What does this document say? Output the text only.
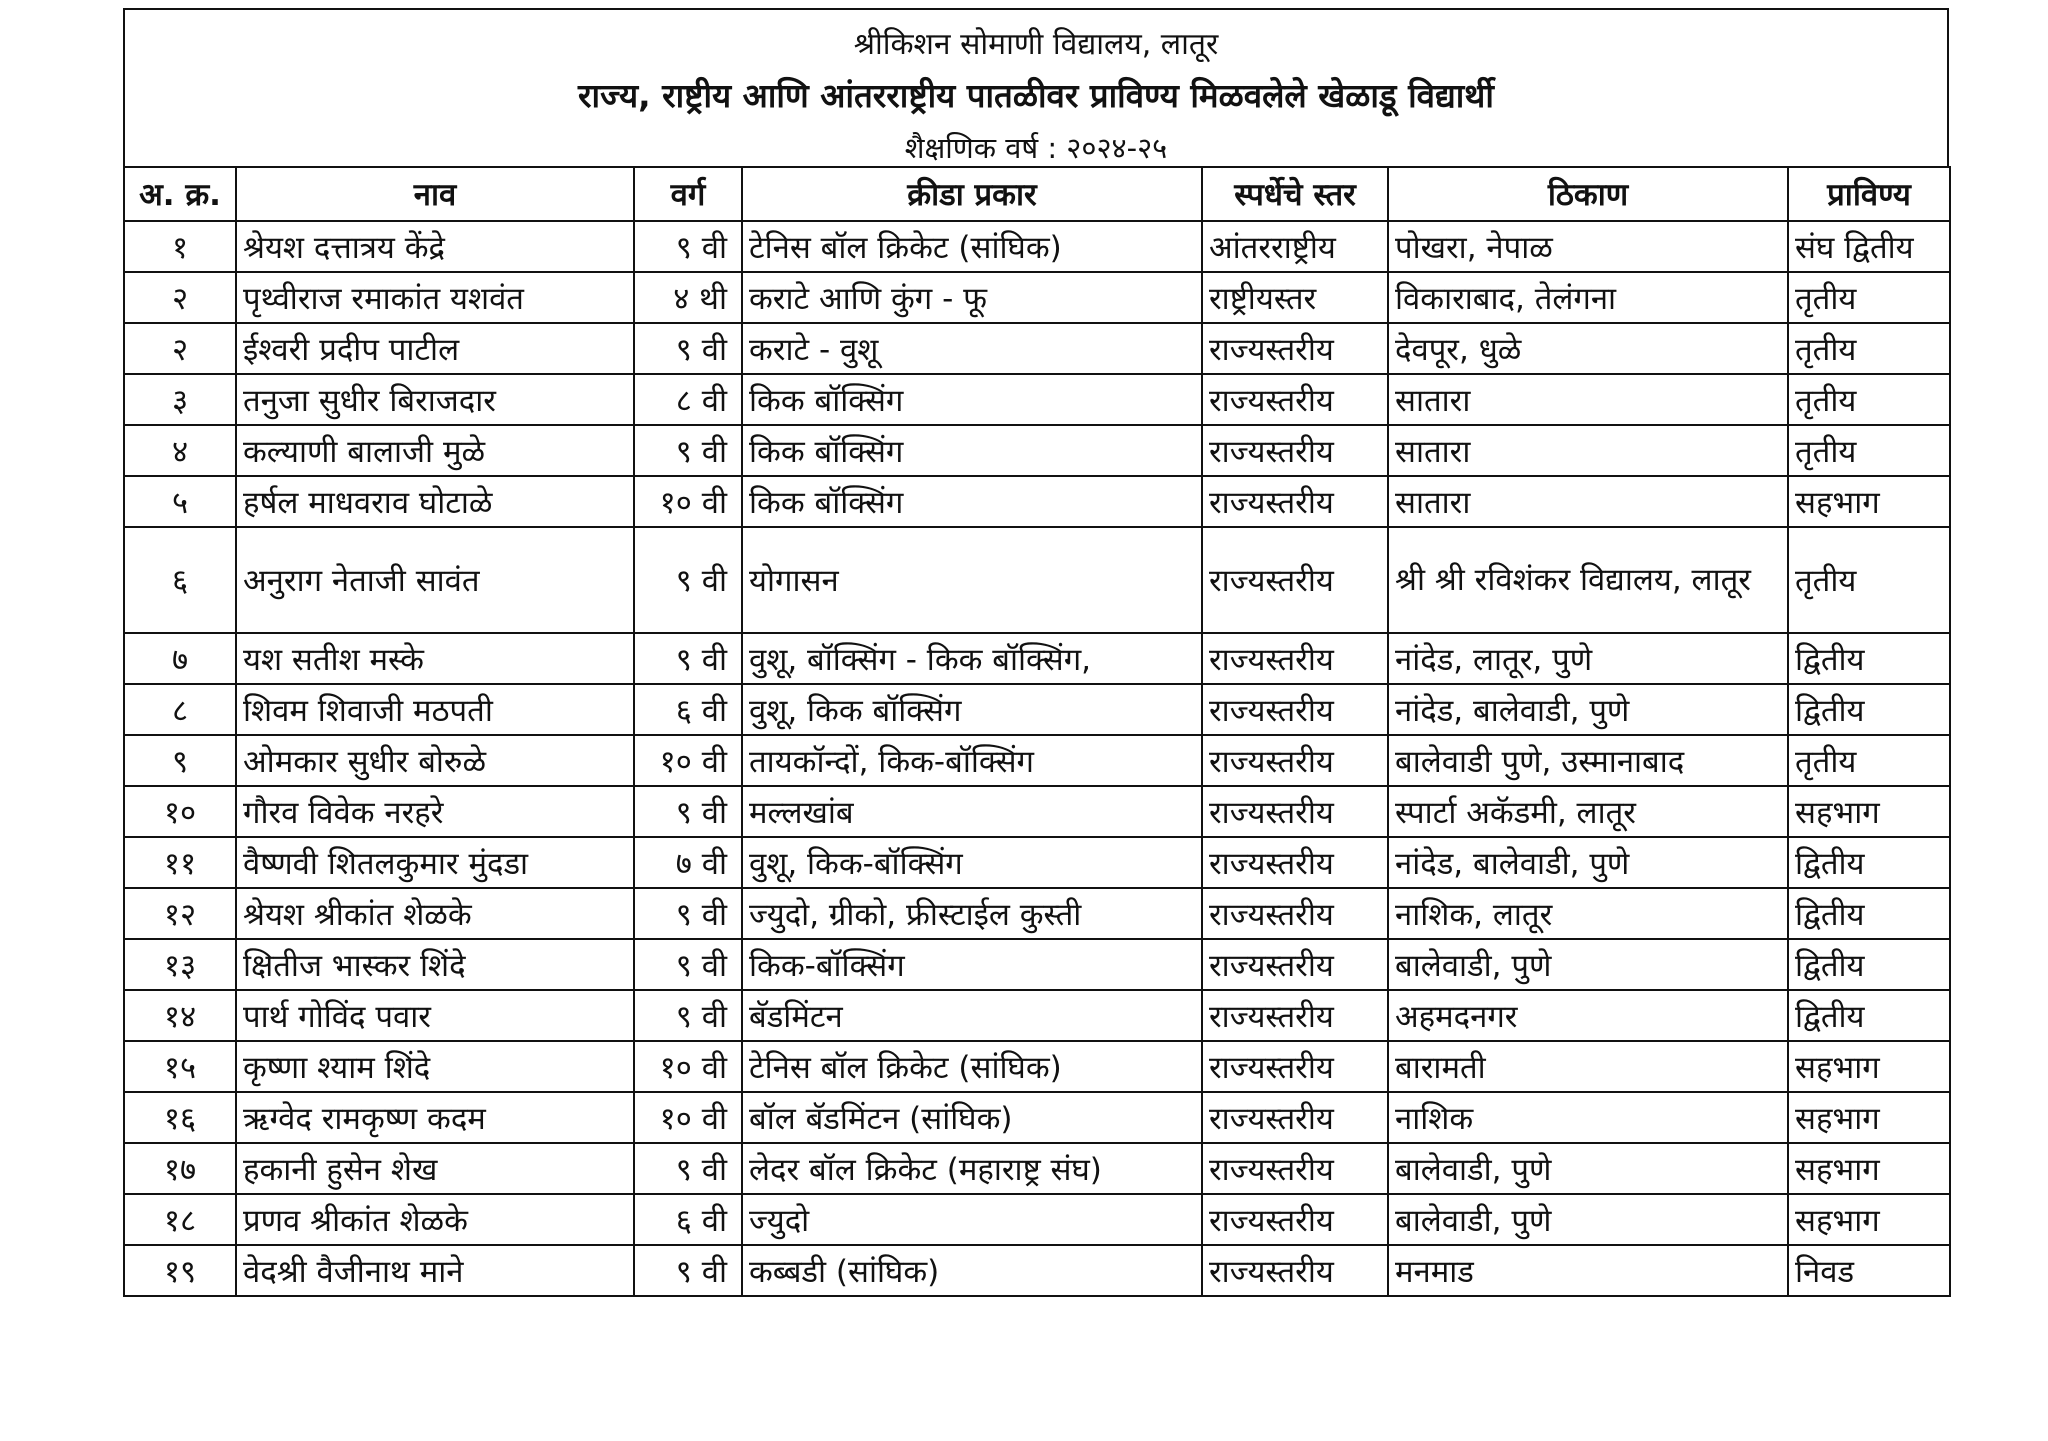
श्रीकिशन सोमाणी विद्यालय, लातूर
राज्य, राष्ट्रीय आणि आंतरराष्ट्रीय पातळीवर प्राविण्य मिळवलेले खेळाडू विद्यार्थी
शैक्षणिक वर्ष : २०२४-२५
अ. क्र.	नाव	वर्ग	क्रीडा प्रकार	स्पर्धेचे स्तर	ठिकाण	प्राविण्य
१	श्रेयश दत्तात्रय केंद्रे	९ वी	टेनिस बॉल क्रिकेट (सांघिक)	आंतरराष्ट्रीय	पोखरा, नेपाळ	संघ द्वितीय
२	पृथ्वीराज रमाकांत यशवंत	४ थी	कराटे आणि कुंग - फू	राष्ट्रीयस्तर	विकाराबाद, तेलंगना	तृतीय
२	ईश्वरी प्रदीप पाटील	९ वी	कराटे - वुशू	राज्यस्तरीय	देवपूर, धुळे	तृतीय
३	तनुजा सुधीर बिराजदार	८ वी	किक बॉक्सिंग	राज्यस्तरीय	सातारा	तृतीय
४	कल्याणी बालाजी मुळे	९ वी	किक बॉक्सिंग	राज्यस्तरीय	सातारा	तृतीय
५	हर्षल माधवराव घोटाळे	१० वी	किक बॉक्सिंग	राज्यस्तरीय	सातारा	सहभाग
६	अनुराग नेताजी सावंत	९ वी	योगासन	राज्यस्तरीय	श्री श्री रविशंकर विद्यालय, लातूर	तृतीय
७	यश सतीश मस्के	९ वी	वुशू, बॉक्सिंग - किक बॉक्सिंग,	राज्यस्तरीय	नांदेड, लातूर, पुणे	द्वितीय
८	शिवम शिवाजी मठपती	६ वी	वुशू, किक बॉक्सिंग	राज्यस्तरीय	नांदेड, बालेवाडी, पुणे	द्वितीय
९	ओमकार सुधीर बोरुळे	१० वी	तायकॉन्दों, किक-बॉक्सिंग	राज्यस्तरीय	बालेवाडी पुणे, उस्मानाबाद	तृतीय
१०	गौरव विवेक नरहरे	९ वी	मल्लखांब	राज्यस्तरीय	स्पार्टा अकॅडमी, लातूर	सहभाग
११	वैष्णवी शितलकुमार मुंदडा	७ वी	वुशू, किक-बॉक्सिंग	राज्यस्तरीय	नांदेड, बालेवाडी, पुणे	द्वितीय
१२	श्रेयश श्रीकांत शेळके	९ वी	ज्युदो, ग्रीको, फ्रीस्टाईल कुस्ती	राज्यस्तरीय	नाशिक, लातूर	द्वितीय
१३	क्षितीज भास्कर शिंदे	९ वी	किक-बॉक्सिंग	राज्यस्तरीय	बालेवाडी, पुणे	द्वितीय
१४	पार्थ गोविंद पवार	९ वी	बॅडमिंटन	राज्यस्तरीय	अहमदनगर	द्वितीय
१५	कृष्णा श्याम शिंदे	१० वी	टेनिस बॉल क्रिकेट (सांघिक)	राज्यस्तरीय	बारामती	सहभाग
१६	ऋग्वेद रामकृष्ण कदम	१० वी	बॉल बॅडमिंटन (सांघिक)	राज्यस्तरीय	नाशिक	सहभाग
१७	हकानी हुसेन शेख	९ वी	लेदर बॉल क्रिकेट (महाराष्ट्र संघ)	राज्यस्तरीय	बालेवाडी, पुणे	सहभाग
१८	प्रणव श्रीकांत शेळके	६ वी	ज्युदो	राज्यस्तरीय	बालेवाडी, पुणे	सहभाग
१९	वेदश्री वैजीनाथ माने	९ वी	कब्बडी (सांघिक)	राज्यस्तरीय	मनमाड	निवड
